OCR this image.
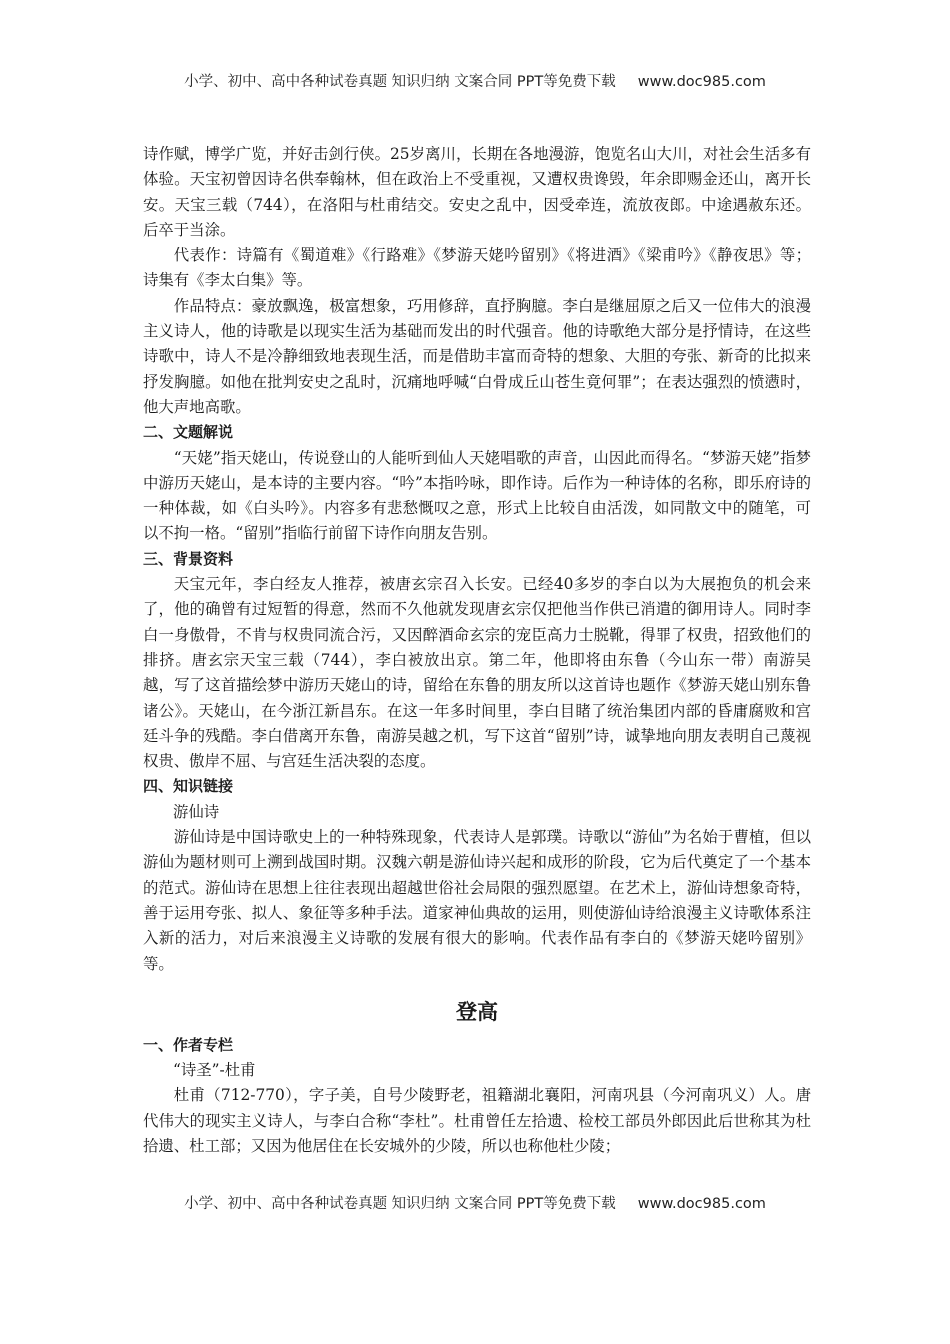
小学、初中、高中各种试卷真题 知识归纳 文案合同 PPT等免费下载 www.doc985.com

诗作赋，博学广览，并好击剑行侠。25岁离川，长期在各地漫游，饱览名山大川，对社会生活多有体验。天宝初曾因诗名供奉翰林，但在政治上不受重视，又遭权贵谗毁，年余即赐金还山，离开长安。天宝三载（744），在洛阳与杜甫结交。安史之乱中，因受牵连，流放夜郎。中途遇赦东还。后卒于当涂。

代表作：诗篇有《蜀道难》《行路难》《梦游天姥吟留别》《将进酒》《梁甫吟》《静夜思》等；诗集有《李太白集》等。

作品特点：豪放飘逸，极富想象，巧用修辞，直抒胸臆。李白是继屈原之后又一位伟大的浪漫主义诗人，他的诗歌是以现实生活为基础而发出的时代强音。他的诗歌绝大部分是抒情诗，在这些诗歌中，诗人不是冷静细致地表现生活，而是借助丰富而奇特的想象、大胆的夸张、新奇的比拟来抒发胸臆。如他在批判安史之乱时，沉痛地呼喊“白骨成丘山苍生竟何罪”；在表达强烈的愤懑时，他大声地高歌。

二、文题解说

“天姥”指天姥山，传说登山的人能听到仙人天姥唱歌的声音，山因此而得名。“梦游天姥”指梦中游历天姥山，是本诗的主要内容。“吟”本指吟咏，即作诗。后作为一种诗体的名称，即乐府诗的一种体裁，如《白头吟》。内容多有悲愁慨叹之意，形式上比较自由活泼，如同散文中的随笔，可以不拘一格。“留别”指临行前留下诗作向朋友告别。

三、背景资料

天宝元年，李白经友人推荐，被唐玄宗召入长安。已经40多岁的李白以为大展抱负的机会来了，他的确曾有过短暂的得意，然而不久他就发现唐玄宗仅把他当作供已消遣的御用诗人。同时李白一身傲骨，不肯与权贵同流合污，又因醉酒命玄宗的宠臣高力士脱靴，得罪了权贵，招致他们的排挤。唐玄宗天宝三载（744），李白被放出京。第二年，他即将由东鲁（今山东一带）南游吴越，写了这首描绘梦中游历天姥山的诗，留给在东鲁的朋友所以这首诗也题作《梦游天姥山别东鲁诸公》。天姥山，在今浙江新昌东。在这一年多时间里，李白目睹了统治集团内部的昏庸腐败和宫廷斗争的残酷。李白借离开东鲁，南游吴越之机，写下这首“留别”诗，诚挚地向朋友表明自己蔑视权贵、傲岸不屈、与宫廷生活决裂的态度。

四、知识链接

游仙诗

游仙诗是中国诗歌史上的一种特殊现象，代表诗人是郭璞。诗歌以“游仙”为名始于曹植，但以游仙为题材则可上溯到战国时期。汉魏六朝是游仙诗兴起和成形的阶段，它为后代奠定了一个基本的范式。游仙诗在思想上往往表现出超越世俗社会局限的强烈愿望。在艺术上，游仙诗想象奇特，善于运用夸张、拟人、象征等多种手法。道家神仙典故的运用，则使游仙诗给浪漫主义诗歌体系注入新的活力，对后来浪漫主义诗歌的发展有很大的影响。代表作品有李白的《梦游天姥吟留别》等。

登高

一、作者专栏

“诗圣”-杜甫

杜甫（712-770），字子美，自号少陵野老，祖籍湖北襄阳，河南巩县（今河南巩义）人。唐代伟大的现实主义诗人，与李白合称“李杜”。杜甫曾任左拾遗、检校工部员外郎因此后世称其为杜拾遗、杜工部；又因为他居住在长安城外的少陵，所以也称他杜少陵；

小学、初中、高中各种试卷真题 知识归纳 文案合同 PPT等免费下载 www.doc985.com
